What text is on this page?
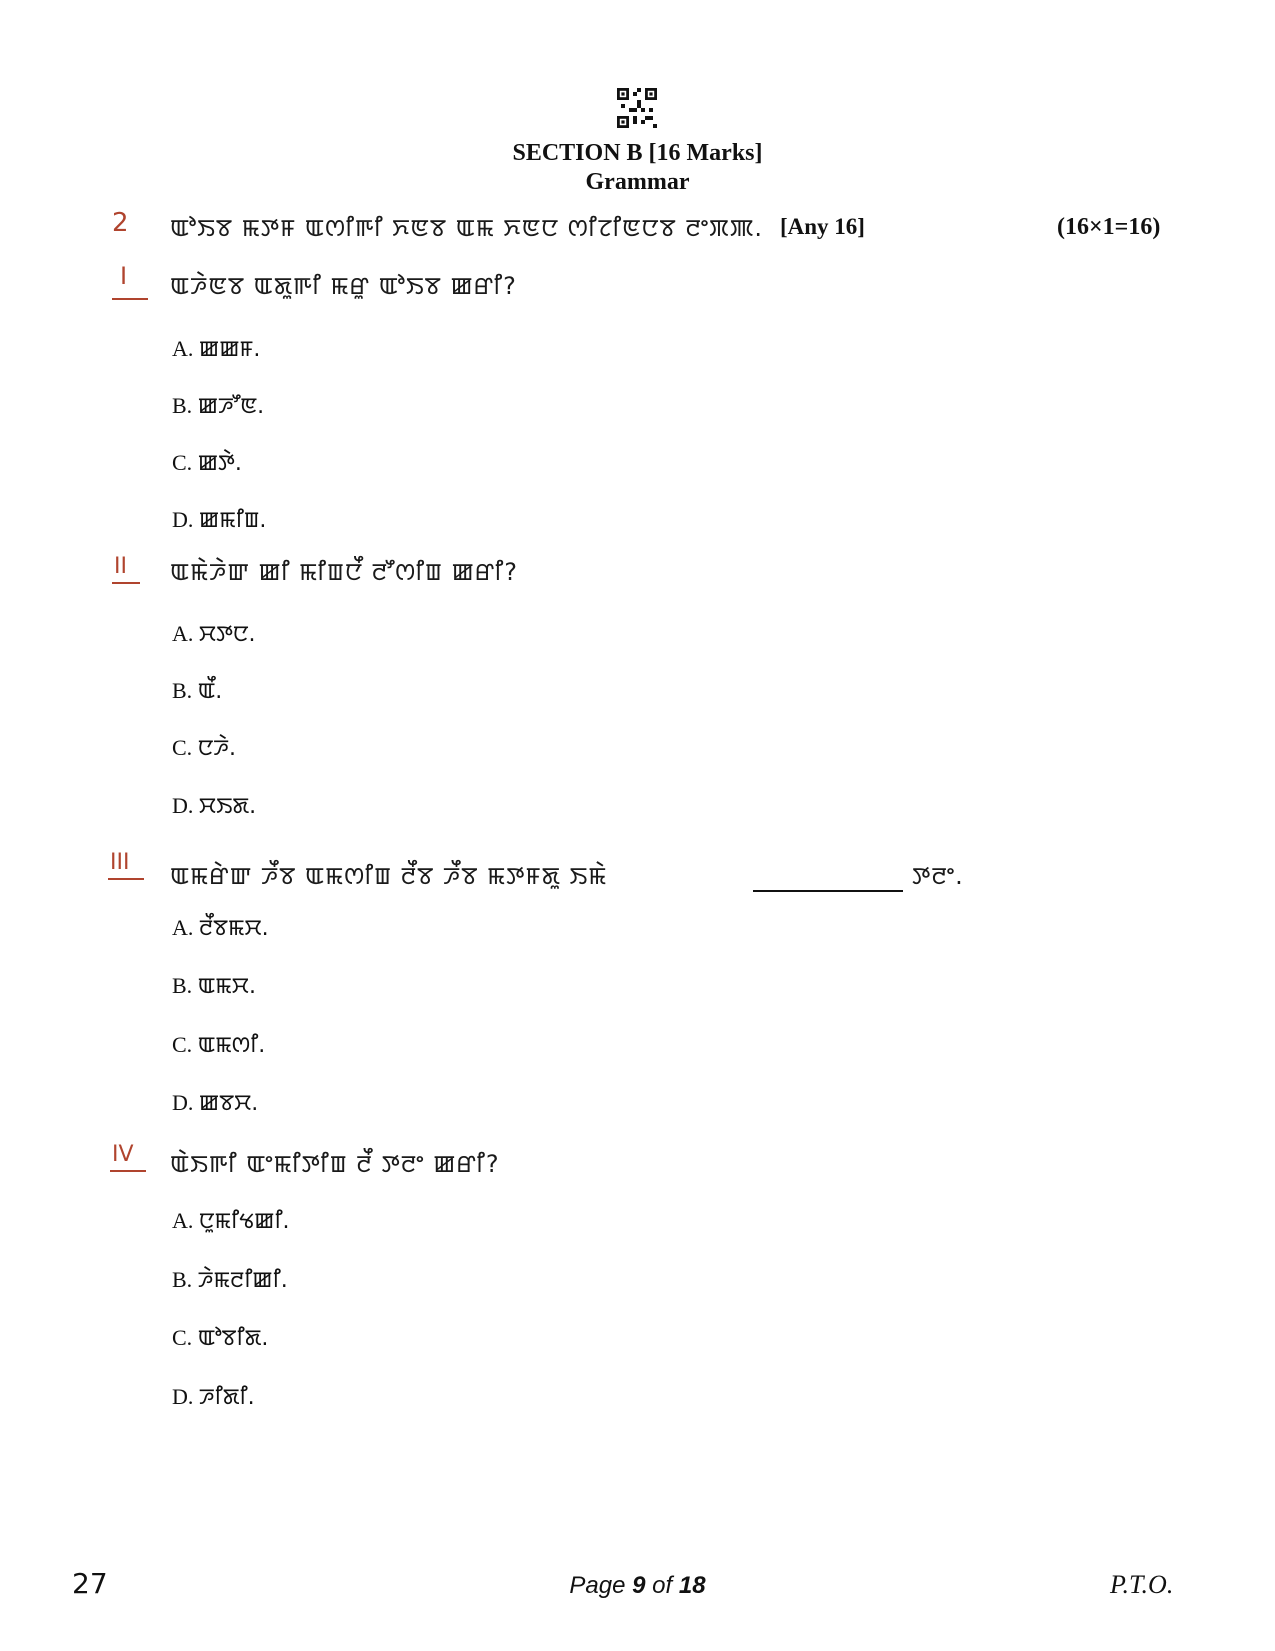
SECTION B [16 Marks]
Grammar
2 ꯑꯣꯏꯕ ꯃꯇꯝ ꯑꯁꯤꯒꯤ ꯈꯟꯕ ꯑꯃ ꯈꯟꯅ ꯁꯤꯖꯤꯟꯅꯕ ꯂꯦꯞꯄ. [Any 16]	(16×1=16)
I ꯑꯍꯥꯟꯕ ꯑꯗꯨꯒꯤ ꯃꯔꯨ ꯑꯣꯏꯕ ꯀꯔꯤ?
A. ꯀꯀꯝ.
B. ꯀꯍꯧꯟ.
C. ꯀꯇꯥ.
D. ꯀꯃꯤꯡ.
II ꯑꯃꯥꯍꯥꯛ ꯀꯤ ꯃꯤꯡꯅꯩ ꯂꯧꯁꯤꯡ ꯀꯔꯤ?
A. ꯆꯇꯅ.
B. ꯑꯩ.
C. ꯅꯍꯥ.
D. ꯆꯏꯗ.
III ꯑꯃꯔꯥꯛ ꯍꯩꯕ ꯑꯃꯁꯤꯡ ꯂꯩꯕ ꯍꯩꯕ ꯃꯇꯝꯗꯨ ꯏꯃꯥ	ꯇꯂꯦ.
A. ꯂꯩꯕꯃꯆ.
B. ꯑꯃꯆ.
C. ꯑꯃꯁꯤ.
D. ꯀꯕꯆ.
IV ꯑꯥꯏꯒꯤ ꯑꯦꯃꯤꯇꯤꯡ ꯂꯩ ꯇꯂꯦ ꯀꯔꯤ?
A. ꯅꯨꯃꯤꯠꯀꯤ.
B. ꯍꯥꯃꯂꯤꯀꯤ.
C. ꯑꯣꯕꯤꯗ.
D. ꯍꯤꯗꯤ.
27	Page 9 of 18	P.T.O.
